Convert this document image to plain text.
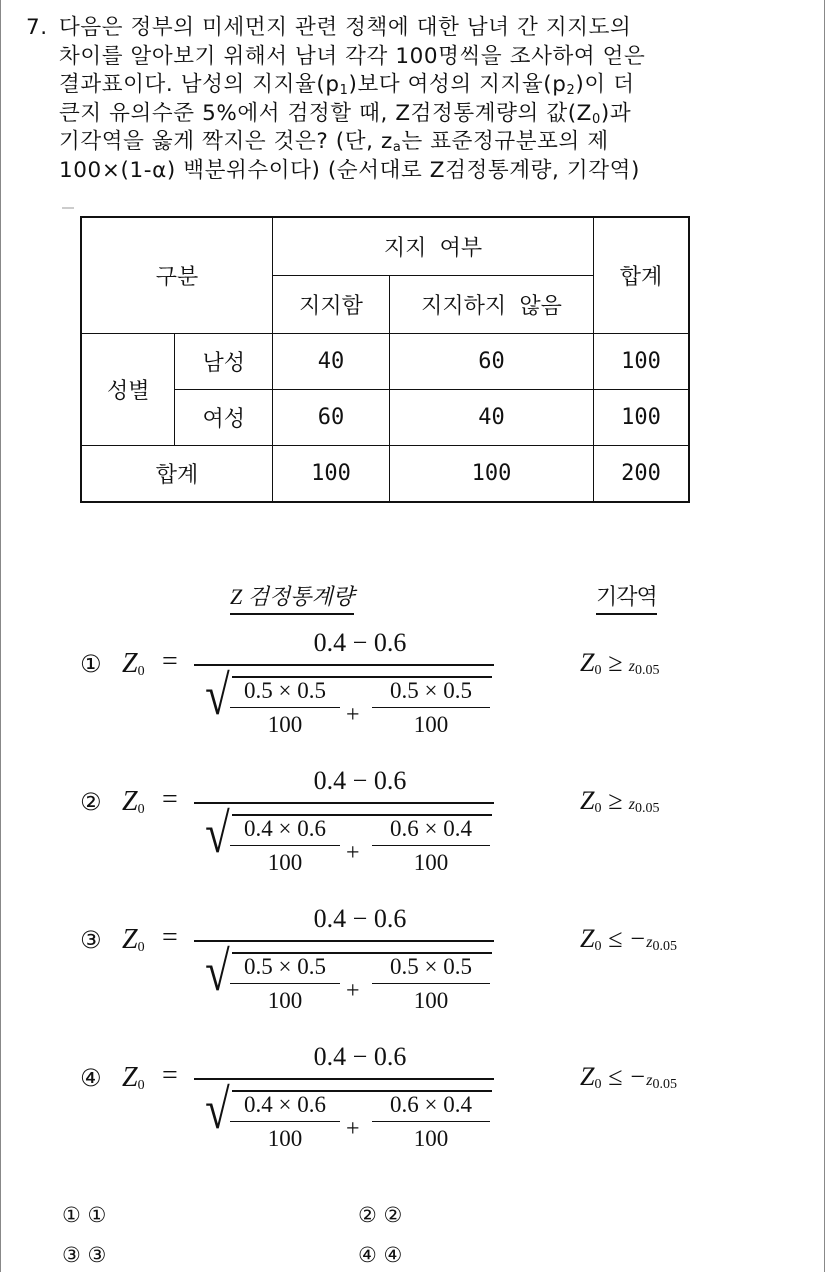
7. 다음은 정부의 미세먼지 관련 정책에 대한 남녀 간 지지도의
차이를 알아보기 위해서 남녀 각각 100명씩을 조사하여 얻은
결과표이다. 남성의 지지율$(p_1)$보다 여성의 지지율$(p_2)$이 더
큰지 유의수준 5%에서 검정할 때, Z검정통계량의 값$(Z_0)$과
기각역을 옳게 짝지은 것은? (단, $z_a$는 표준정규분포의 제
100×(1-α) 백분위수이다) (순서대로 Z검정통계량, 기각역)
구분		지지 여부		합계
		지지함	지지하지 않음	
성별	남성	40	60	100
	여성	60	40	100
합계		100	100	200
Z 검정통계량	기각역
① $Z_0$ =
0.4 − 0.6
√ 0.5 × 0.5
100	+
0.5 × 0.5
100
$Z_0 \ge z_{0.05}$
② $Z_0$ =
0.4 − 0.6
√ 0.4 × 0.6
100	+
0.6 × 0.4
100
$Z_0 \ge z_{0.05}$
③ $Z_0$ =
0.4 − 0.6
√ 0.5 × 0.5
100	+
0.5 × 0.5
100
$Z_0 \le -z_{0.05}$
④ $Z_0$ =
0.4 − 0.6
√ 0.4 × 0.6
100	+
0.6 × 0.4
100
$Z_0 \le -z_{0.05}$
① ①	② ②
③ ③	④ ④
